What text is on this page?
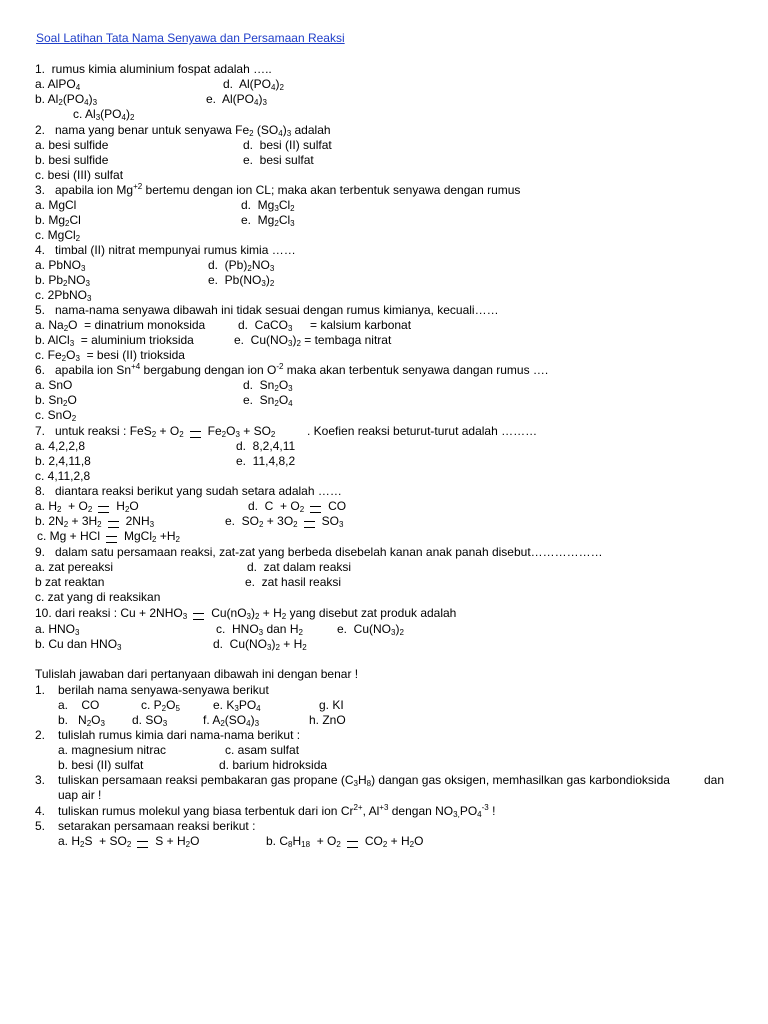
Soal Latihan Tata Nama Senyawa dan Persamaan Reaksi
1.  rumus kimia aluminium fospat adalah …..
a. AlPO$_4$	d.  $Al(PO_4)_2$
b. $Al_2(PO_4)_3$	e.  $Al(PO_4)_3$
c. $Al_3(PO_4)_2$
2.   nama yang benar untuk senyawa $Fe_2$ $(SO_4)_3$ adalah
a. besi sulfide	d.  besi (II) sulfat
b. besi sulfide	e.  besi sulfat
c. besi (III) sulfat
3.   apabila ion $Mg^{+2}$ bertemu dengan ion CL; maka akan terbentuk senyawa dengan rumus
a. MgCl	d.  $Mg_3Cl_2$
b. $Mg_2Cl$	e.  $Mg_2Cl_3$
c. MgCl$_2$
4.   timbal (II) nitrat mempunyai rumus kimia ……
a. PbNO$_3$	d.  $(Pb)_2NO_3$
b. $Pb_2NO_3$	e.  $Pb(NO_3)_2$
c. 2PbNO$_3$
5.   nama-nama senyawa dibawah ini tidak sesuai dengan rumus kimianya, kecuali……
a. $Na_2O$  = dinatrium monoksida	d.  CaCO$_3$ = kalsium karbonat
b. AlCl$_3$  = aluminium trioksida	e.  $Cu(NO_3)_2$ = tembaga nitrat
c. $Fe_2O_3$  = besi (II) trioksida
6.   apabila ion $Sn^{+4}$ bergabung dengan ion $O^{-2}$ maka akan terbentuk senyawa dangan rumus ….
a. SnO	d.  $Sn_2O_3$
b. $Sn_2O$	e.  $Sn_2O_4$
c. SnO$_2$
7.   untuk reaksi : $FeS_2 + O_2$ $Fe_2O_3 + SO_2$	. Koefien reaksi beturut-turut adalah ………
a. 4,2,2,8	d.  8,2,4,11
b. 2,4,11,8	e.  11,4,8,2
c. 4,11,2,8
8.   diantara reaksi berikut yang sudah setara adalah ……
a. $H_2 + O_2$ $H_2O$	d.  $C + O_2$ CO
b. $2N_2 + 3H_2$ $2NH_3$	e.  $SO_2 + 3O_2$ $SO_3$
c. Mg + HCl MgCl$_2$ $+H_2$
9.   dalam satu persamaan reaksi, zat-zat yang berbeda disebelah kanan anak panah disebut………………
a. zat pereaksi	d.  zat dalam reaksi
b zat reaktan	e.  zat hasil reaksi
c. zat yang di reaksikan
10. dari reaksi : $Cu + 2NHO_3$ $Cu(nO_3)_2 + H_2$ yang disebut zat produk adalah
a. $HNO_3$	c.  $HNO_3$ dan $H_2$	e.  $Cu(NO_3)_2$
b. Cu dan $HNO_3$	d.  $Cu(NO_3)_2 + H_2$
Tulislah jawaban dari pertanyaan dibawah ini dengan benar !
1. berilah nama senyawa-senyawa berikut
a.    CO	c. $P_2O_5$	e. $K_3PO_4$	g. KI
b.   $N_2O_3$ d. $SO_3$	f. $A_2(SO_4)_3$	h. ZnO
2. tulislah rumus kimia dari nama-nama berikut :
a. magnesium nitrac	c. asam sulfat
b. besi (II) sulfat	d. barium hidroksida
3. tuliskan persamaan reaksi pembakaran gas propane $(C_3H_8)$ dangan gas oksigen, memhasilkan gas karbondioksida	dan
uap air !
4. tuliskan rumus molekul yang biasa terbentuk dari ion $Cr^{2+}$, $Al^{+3}$ dengan $NO_{3,}PO_4^{-3}$ !
5. setarakan persamaan reaksi berikut :
a. $H_2S + SO_2$ $S + H_2O$	b. $C_8H_{18} + O_2$ $CO_2 + H_2O$
